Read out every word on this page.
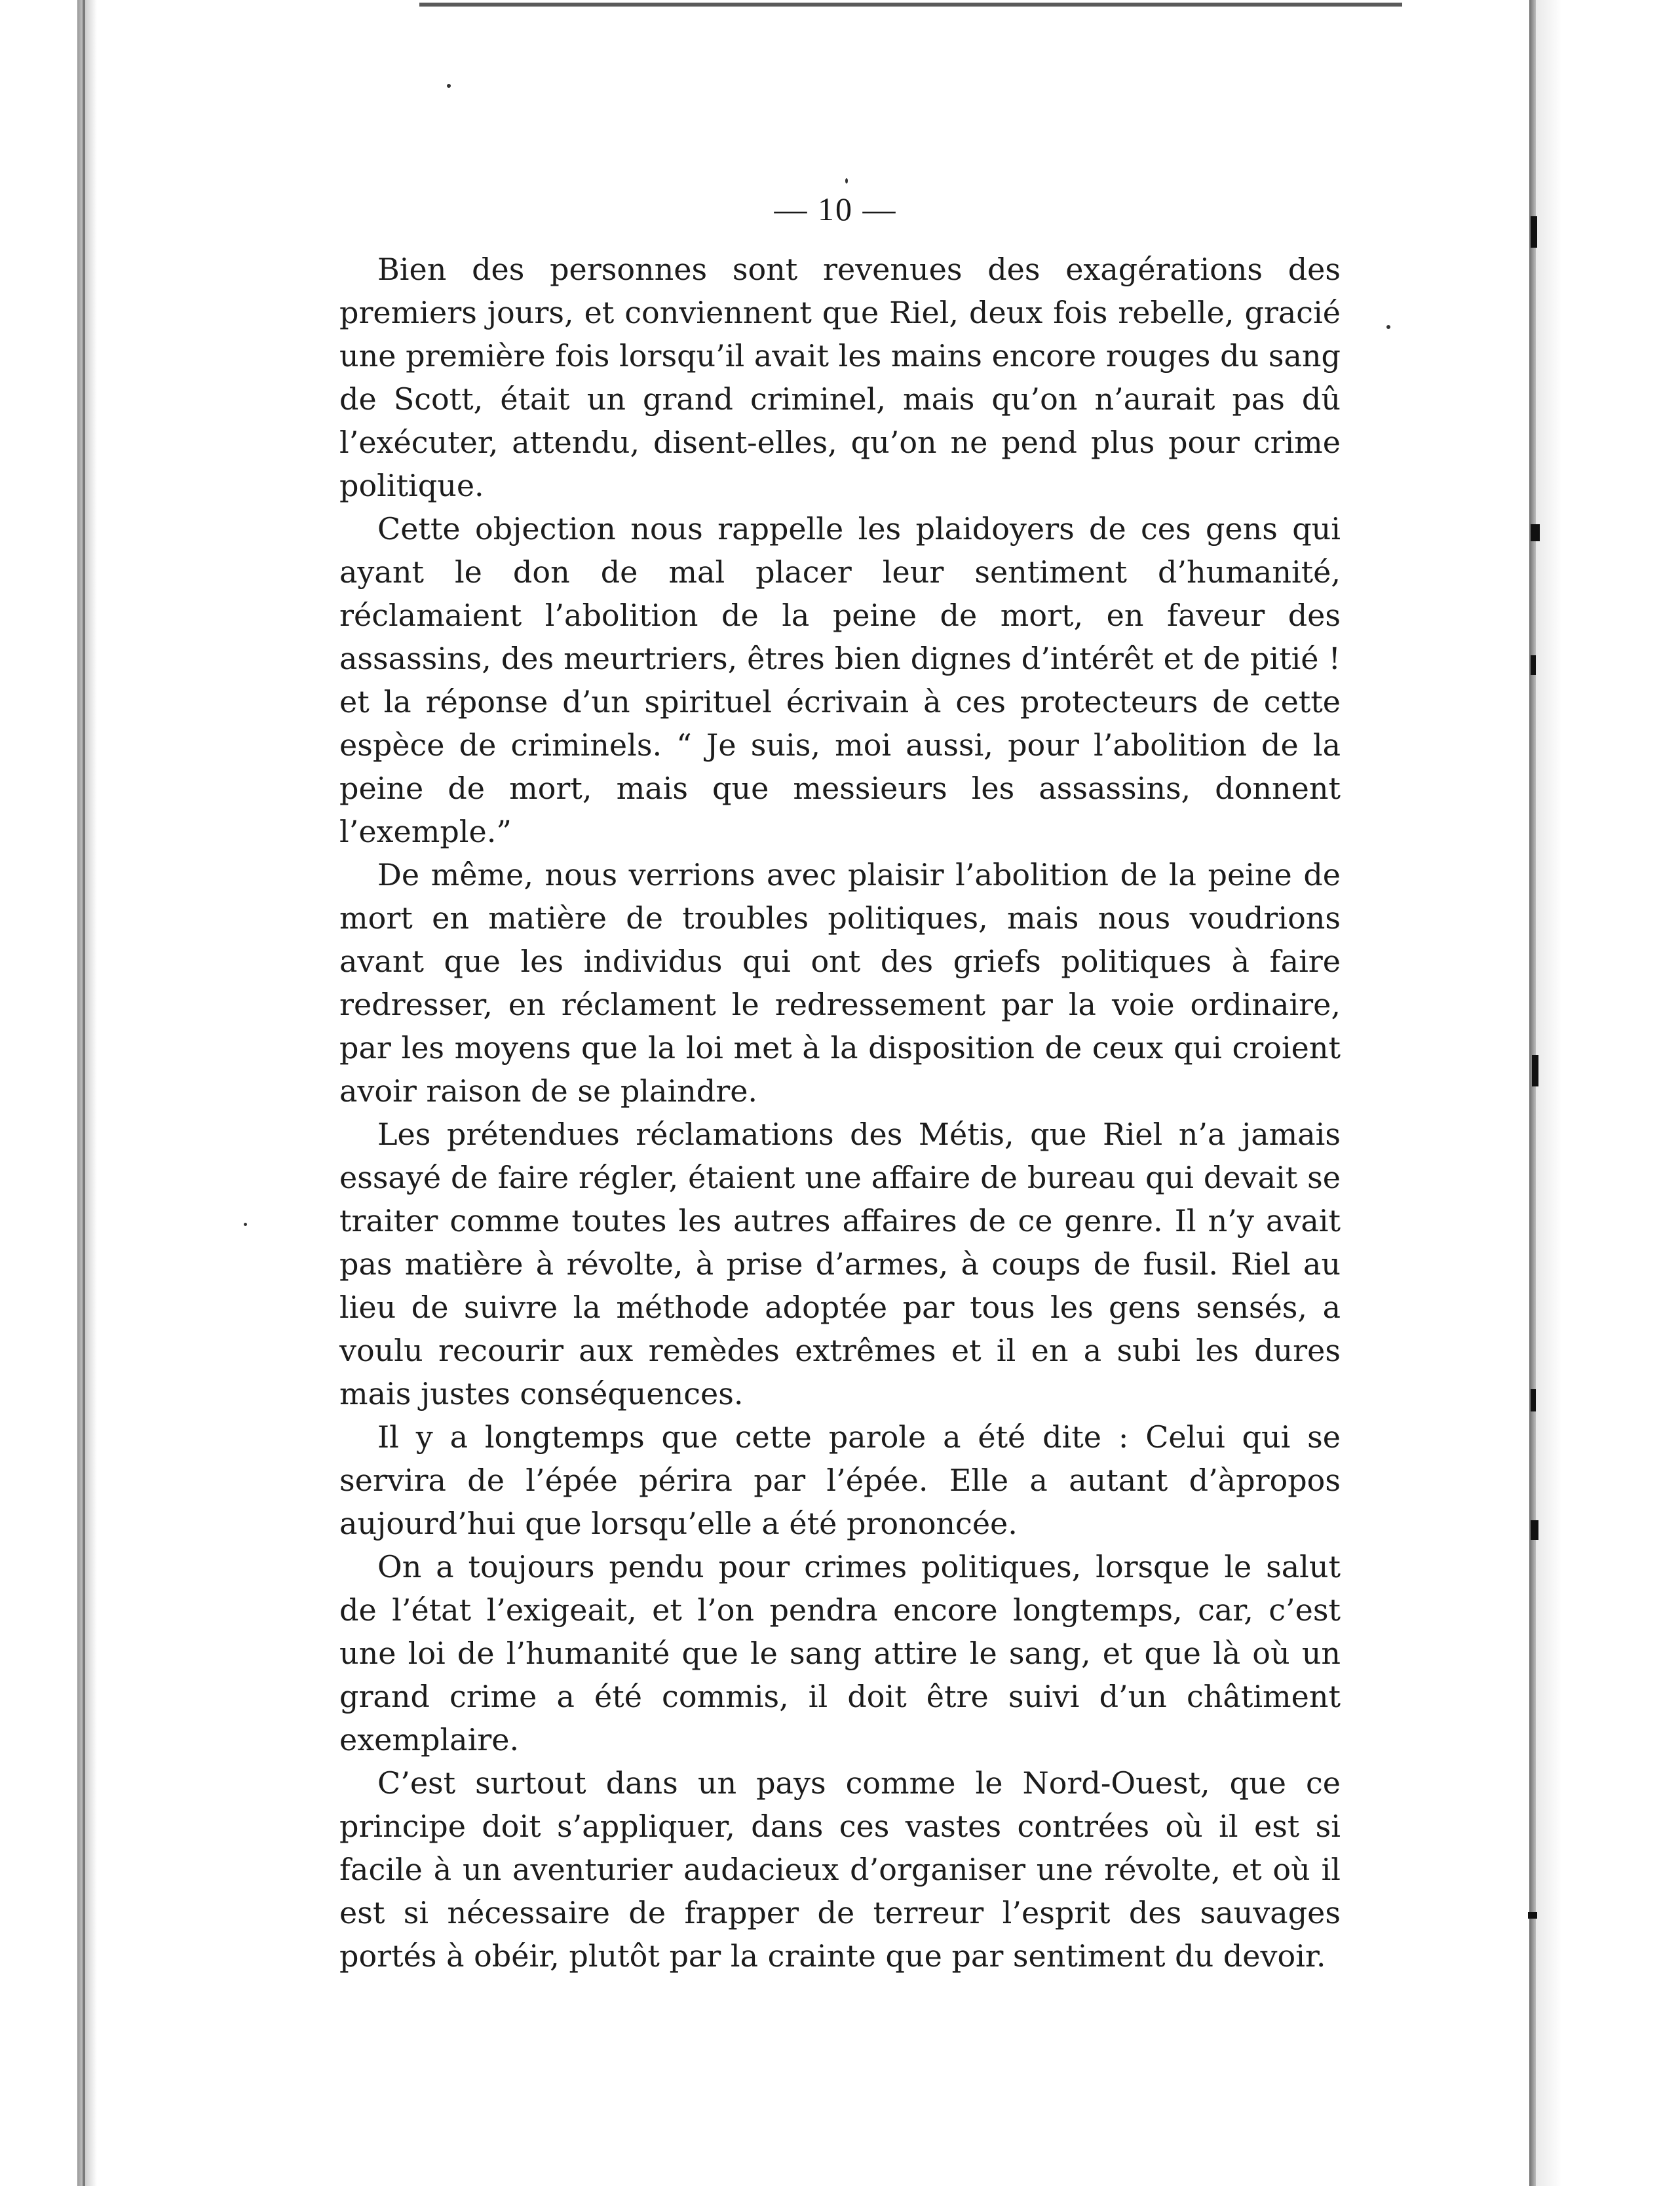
— 10 —

Bien des personnes sont revenues des exagérations des premiers jours, et conviennent que Riel, deux fois rebelle, gracié une première fois lorsqu’il avait les mains encore rouges du sang de Scott, était un grand criminel, mais qu’on n’aurait pas dû l’exécuter, attendu, disent-elles, qu’on ne pend plus pour crime politique.

Cette objection nous rappelle les plaidoyers de ces gens qui ayant le don de mal placer leur sentiment d’humanité, réclamaient l’abolition de la peine de mort, en faveur des assassins, des meurtriers, êtres bien dignes d’intérêt et de pitié ! et la réponse d’un spirituel écrivain à ces protecteurs de cette espèce de criminels. “ Je suis, moi aussi, pour l’abolition de la peine de mort, mais que messieurs les assassins, donnent l’exemple.”

De même, nous verrions avec plaisir l’abolition de la peine de mort en matière de troubles politiques, mais nous voudrions avant que les individus qui ont des griefs politiques à faire redresser, en réclament le redressement par la voie ordinaire, par les moyens que la loi met à la disposition de ceux qui croient avoir raison de se plaindre.

Les prétendues réclamations des Métis, que Riel n’a jamais essayé de faire régler, étaient une affaire de bureau qui devait se traiter comme toutes les autres affaires de ce genre. Il n’y avait pas matière à révolte, à prise d’armes, à coups de fusil. Riel au lieu de suivre la méthode adoptée par tous les gens sensés, a voulu recourir aux remèdes extrêmes et il en a subi les dures mais justes conséquences.

Il y a longtemps que cette parole a été dite : Celui qui se servira de l’épée périra par l’épée. Elle a autant d’àpropos aujourd’hui que lorsqu’elle a été prononcée.

On a toujours pendu pour crimes politiques, lorsque le salut de l’état l’exigeait, et l’on pendra encore longtemps, car, c’est une loi de l’humanité que le sang attire le sang, et que là où un grand crime a été commis, il doit être suivi d’un châtiment exemplaire.

C’est surtout dans un pays comme le Nord-Ouest, que ce principe doit s’appliquer, dans ces vastes contrées où il est si facile à un aventurier audacieux d’organiser une révolte, et où il est si nécessaire de frapper de terreur l’esprit des sauvages portés à obéir, plutôt par la crainte que par sentiment du devoir.
